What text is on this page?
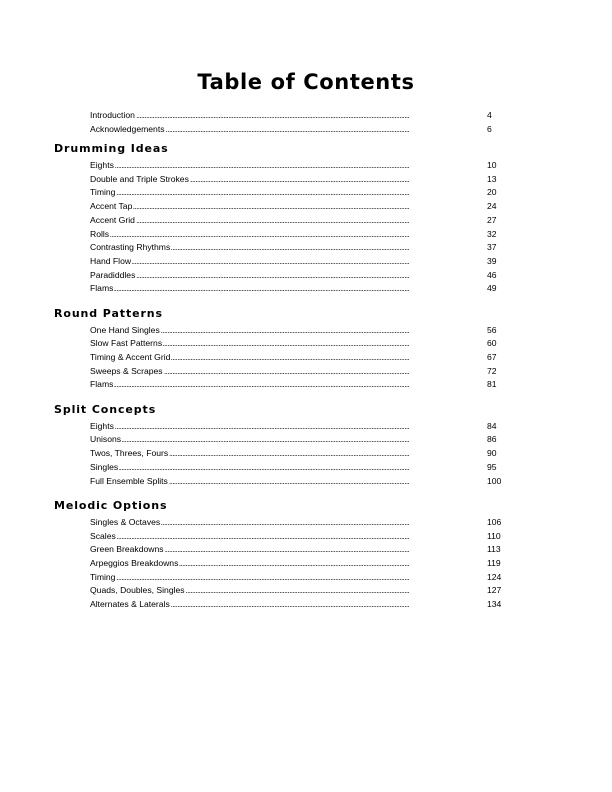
Table of Contents
. . .
Introduction	4
. . .
Acknowledgements	6
Drumming Ideas
. . .
Eights	10
. . .
Double and Triple Strokes	13
. . .
Timing	20
. . .
Accent Tap	24
. . .
Accent Grid	27
. . .
Rolls	32
. . .
Contrasting Rhythms	37
. . .
Hand Flow	39
. . .
Paradiddles	46
. . .
Flams	49
Round Patterns
. . .
One Hand Singles	56
. . .
Slow Fast Patterns	60
. . .
Timing & Accent Grid	67
. . .
Sweeps & Scrapes	72
. . .
Flams	81
Split Concepts
. . .
Eights	84
. . .
Unisons	86
. . .
Twos, Threes, Fours	90
. . .
Singles	95
. . .
Full Ensemble Splits	100
Melodic Options
. . .
Singles & Octaves	106
. . .
Scales	110
. . .
Green Breakdowns	113
. . .
Arpeggios Breakdowns	119
. . .
Timing	124
. . .
Quads, Doubles, Singles	127
. . .
Alternates & Laterals	134
